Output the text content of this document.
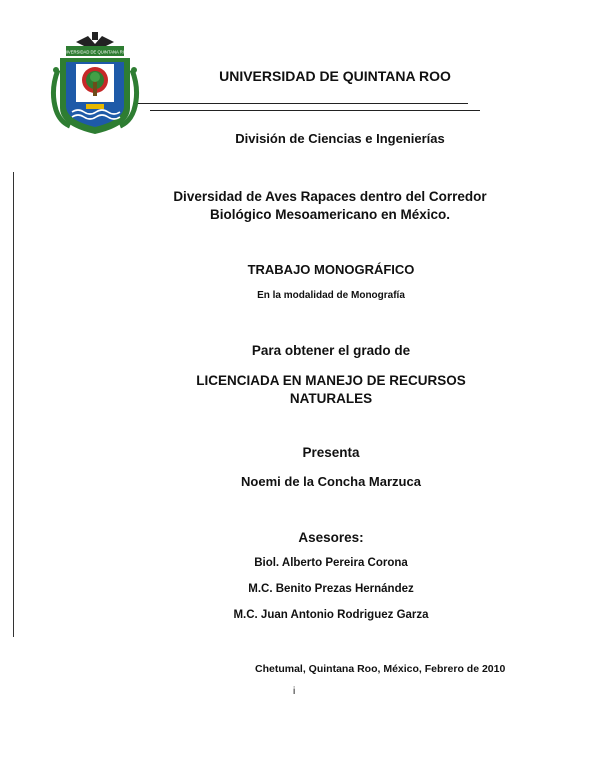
UNIVERSIDAD DE QUINTANA ROO
UNIVERSIDAD DE QUINTANA ROO
División de Ciencias e Ingenierías
Diversidad de Aves Rapaces dentro del Corredor
Biológico Mesoamericano en México.
TRABAJO MONOGRÁFICO
En la modalidad de Monografía
Para obtener el grado de
LICENCIADA EN MANEJO DE RECURSOS
NATURALES
Presenta
Noemi de la Concha Marzuca
Asesores:
Biol. Alberto Pereira Corona
M.C. Benito Prezas Hernández
M.C. Juan Antonio Rodriguez Garza
Chetumal, Quintana Roo, México, Febrero de 2010
i
